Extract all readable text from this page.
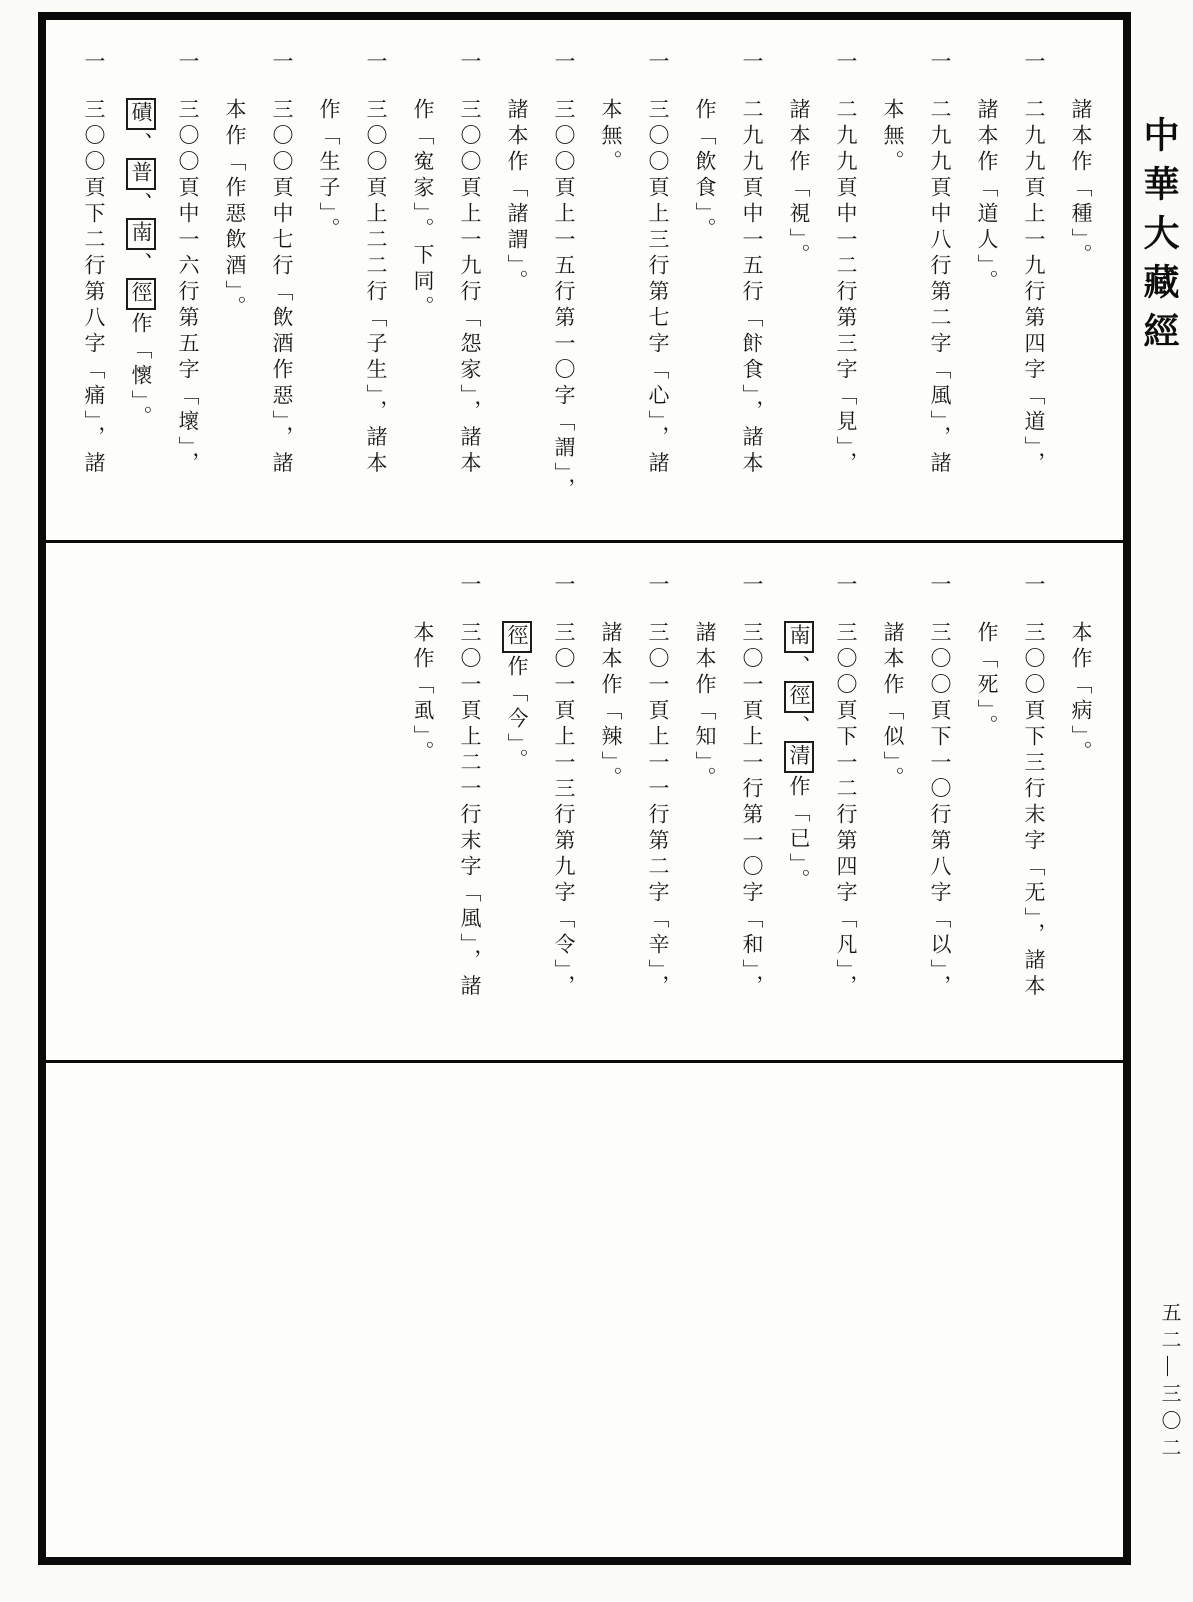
諸本作「種」。
一二九九頁上一九行第四字「道」，
諸本作「道人」。
一二九九頁中八行第二字「風」，諸
本無。
一二九九頁中一二行第三字「見」，
諸本作「視」。
一二九九頁中一五行「飰食」，諸本
作「飲食」。
一三〇〇頁上三行第七字「心」，諸
本無。
一三〇〇頁上一五行第一〇字「謂」，
諸本作「諸謂」。
一三〇〇頁上一九行「怨家」，諸本
作「寃家」。下同。
一三〇〇頁上二二行「子生」，諸本
作「生子」。
一三〇〇頁中七行「飲酒作惡」，諸
本作「作惡飲酒」。
一三〇〇頁中一六行第五字「壞」，
磧、普、南、徑作「懷」。
一三〇〇頁下二行第八字「痛」，諸
本作「病」。
一三〇〇頁下三行末字「无」，諸本
作「死」。
一三〇〇頁下一〇行第八字「以」，
諸本作「似」。
一三〇〇頁下一二行第四字「凡」，
南、徑、清作「已」。
一三〇一頁上一行第一〇字「和」，
諸本作「知」。
一三〇一頁上一一行第二字「辛」，
諸本作「辣」。
一三〇一頁上一三行第九字「令」，
徑作「今」。
一三〇一頁上二一行末字「風」，諸
本作「虱」。
中華大藏經
五二—三〇二
